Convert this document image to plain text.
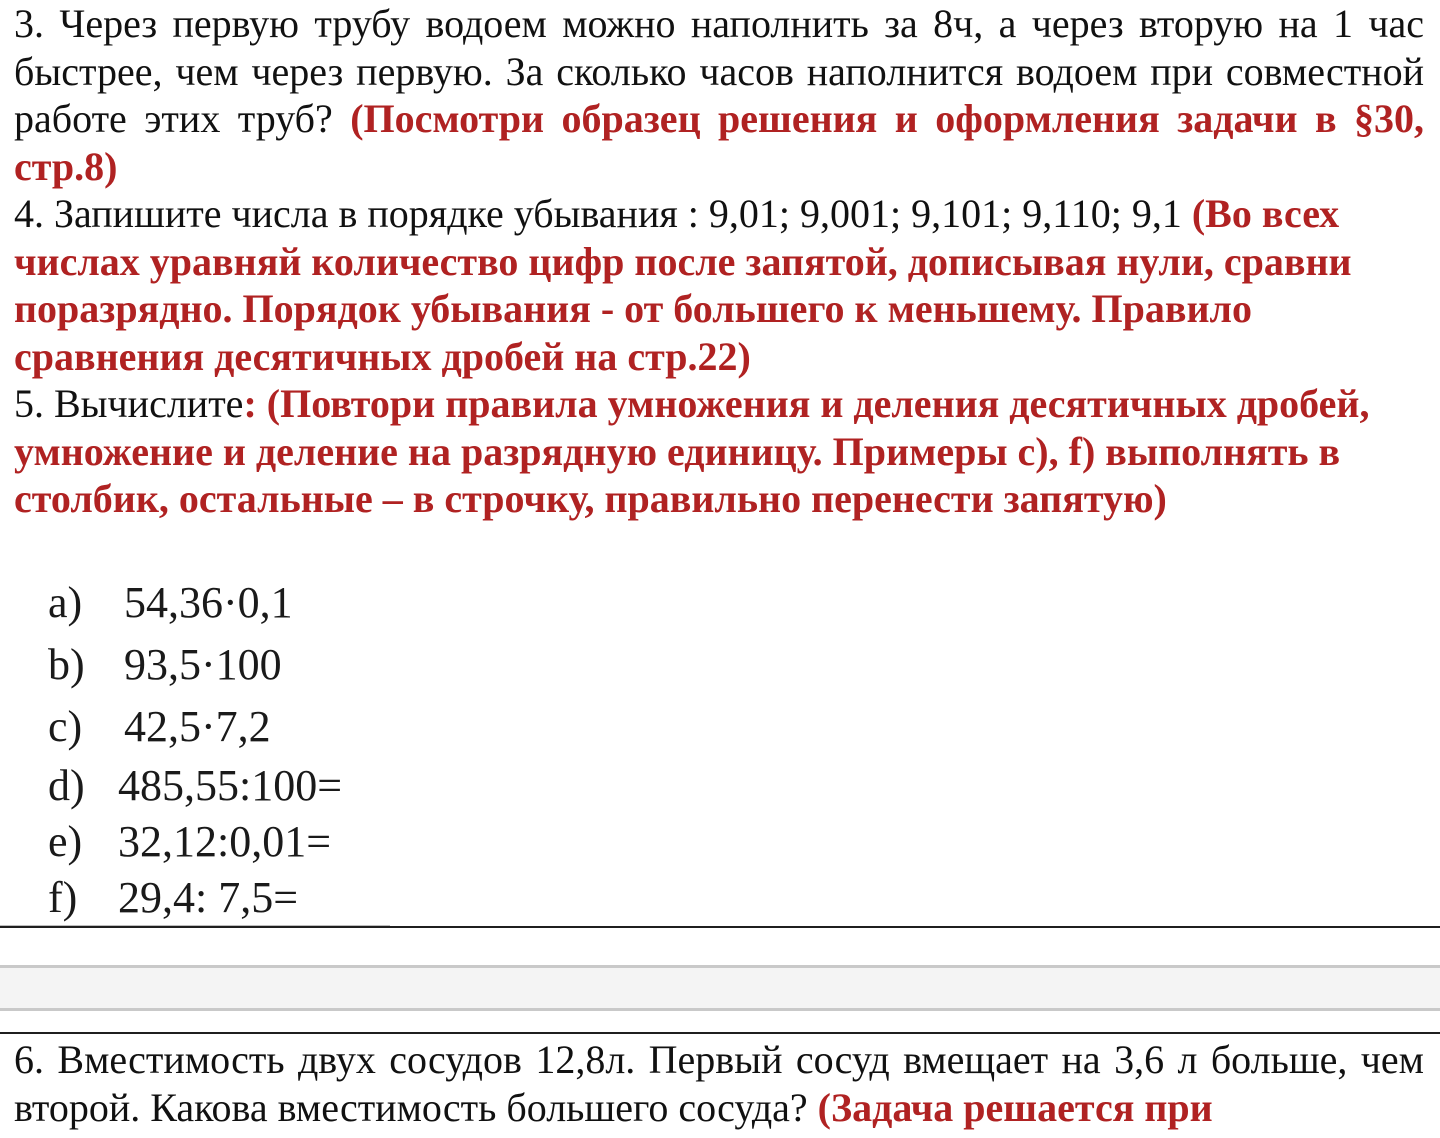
3. Через первую трубу водоем можно наполнить за 8ч, а через вторую на 1 час быстрее, чем через первую. За сколько часов наполнится водоем при совместной работе этих труб? (Посмотри образец решения и оформления задачи в §30, стр.8)

4. Запишите числа в порядке убывания : 9,01; 9,001; 9,101; 9,110; 9,1 (Во всех числах уравняй количество цифр после запятой, дописывая нули, сравни поразрядно. Порядок убывания - от большего к меньшему. Правило сравнения десятичных дробей на стр.22)

5. Вычислите: (Повтори правила умножения и деления десятичных дробей, умножение и деление на разрядную единицу. Примеры c), f) выполнять в столбик, остальные – в строчку, правильно перенести запятую)

a) 54,36·0,1
b) 93,5·100
c) 42,5·7,2
d) 485,55:100=
e) 32,12:0,01=
f) 29,4: 7,5=

6. Вместимость двух сосудов 12,8л. Первый сосуд вмещает на 3,6 л больше, чем второй. Какова вместимость большего сосуда? (Задача решается при
